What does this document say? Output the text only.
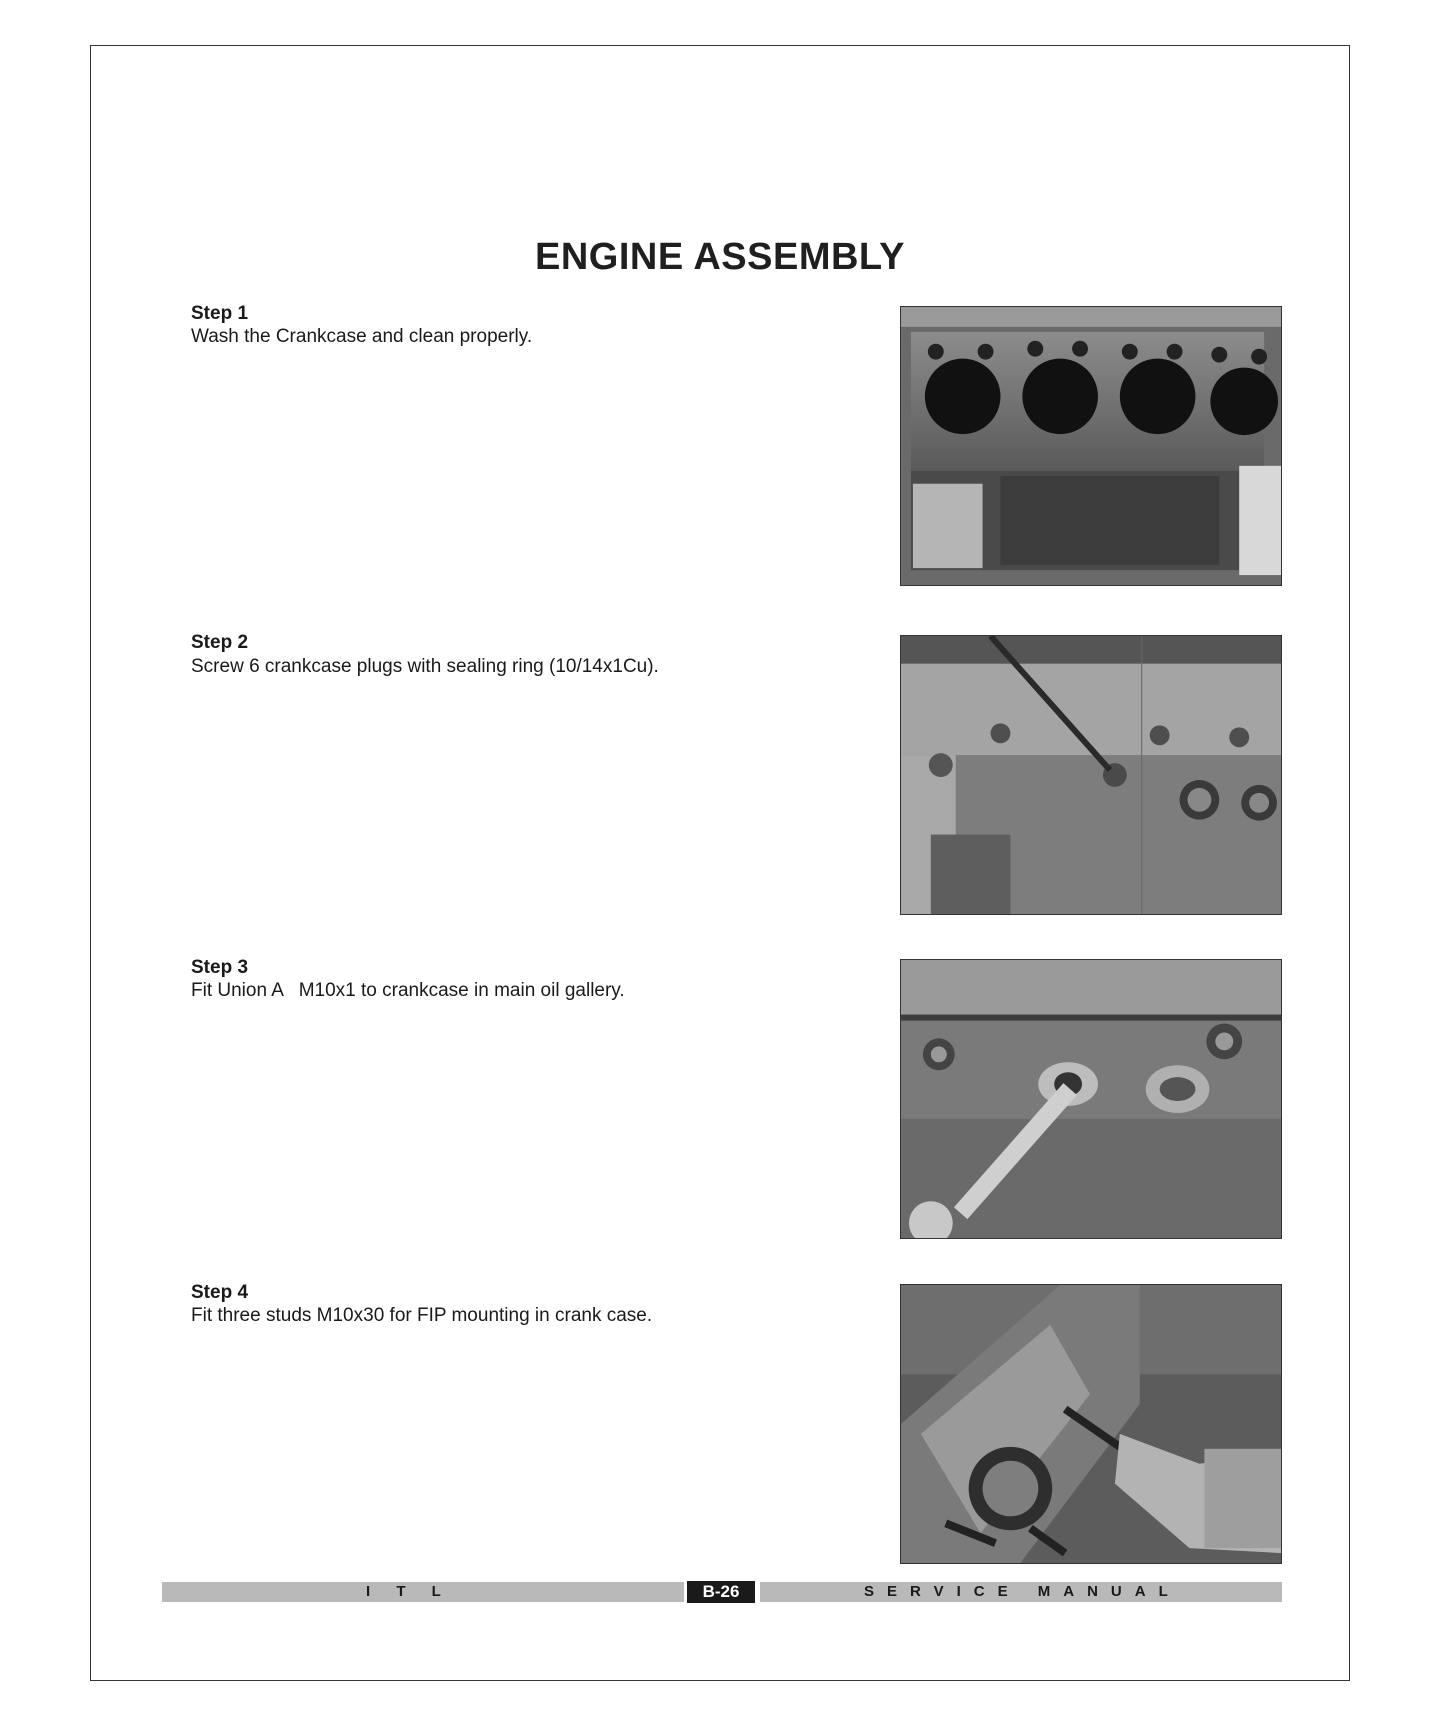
ENGINE ASSEMBLY
Step 1
Wash the Crankcase and clean properly.
Step 2
Screw 6 crankcase plugs with sealing ring (10/14x1Cu).
Step 3
Fit Union A   M10x1 to crankcase in main oil gallery.
Step 4
Fit three studs M10x30 for FIP mounting in crank case.
I T L	B-26	SERVICE MANUAL
